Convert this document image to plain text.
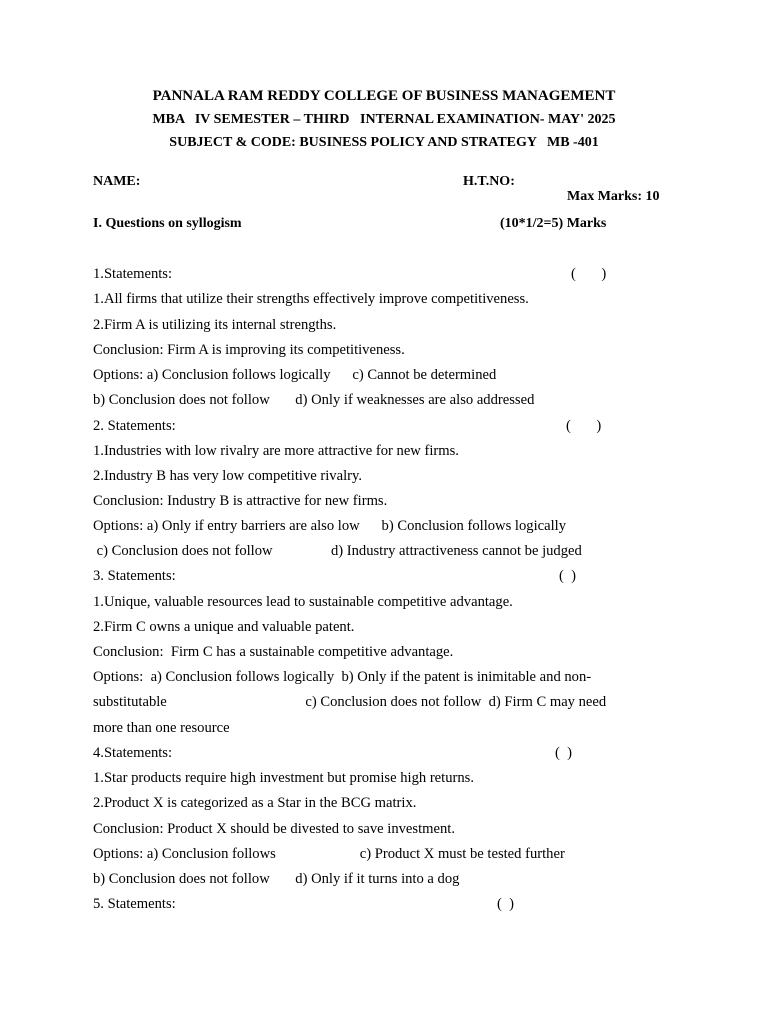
PANNALA RAM REDDY COLLEGE OF BUSINESS MANAGEMENT
MBA   IV SEMESTER – THIRD   INTERNAL EXAMINATION- MAY' 2025
SUBJECT & CODE: BUSINESS POLICY AND STRATEGY   MB -401
NAME:	H.T.NO:
Max Marks: 10
I. Questions on syllogism	(10*1/2=5) Marks
1.Statements:
1.All firms that utilize their strengths effectively improve competitiveness.
2.Firm A is utilizing its internal strengths.
Conclusion: Firm A is improving its competitiveness.
Options: a) Conclusion follows logically      c) Cannot be determined
b) Conclusion does not follow       d) Only if weaknesses are also addressed
2. Statements:
1.Industries with low rivalry are more attractive for new firms.
2.Industry B has very low competitive rivalry.
Conclusion: Industry B is attractive for new firms.
Options: a) Only if entry barriers are also low      b) Conclusion follows logically
c) Conclusion does not follow                d) Industry attractiveness cannot be judged
3. Statements:
1.Unique, valuable resources lead to sustainable competitive advantage.
2.Firm C owns a unique and valuable patent.
Conclusion:  Firm C has a sustainable competitive advantage.
Options:  a) Conclusion follows logically  b) Only if the patent is inimitable and non-
substitutable                                      c) Conclusion does not follow  d) Firm C may need
more than one resource
4.Statements:
1.Star products require high investment but promise high returns.
2.Product X is categorized as a Star in the BCG matrix.
Conclusion: Product X should be divested to save investment.
Options: a) Conclusion follows                       c) Product X must be tested further
b) Conclusion does not follow       d) Only if it turns into a dog
5. Statements:
(       )
(       )
(  )
(  )
(  )
